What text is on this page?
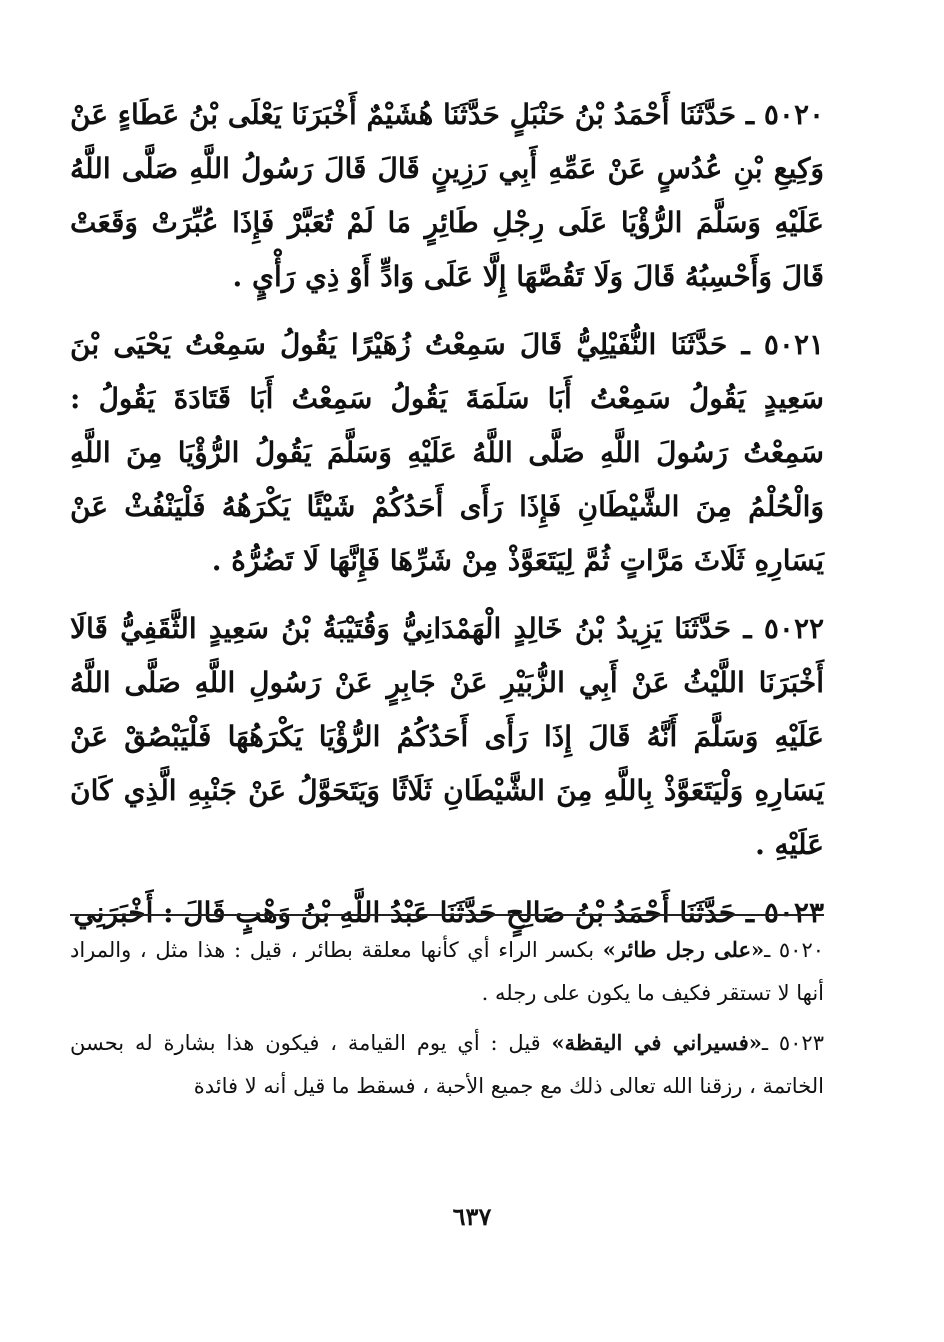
٥٠٢٠ ـ حَدَّثَنَا أَحْمَدُ بْنُ حَنْبَلٍ حَدَّثَنَا هُشَيْمٌ أَخْبَرَنَا يَعْلَى بْنُ عَطَاءٍ عَنْ وَكِيعِ بْنِ عُدُسٍ عَنْ عَمِّهِ أَبِي رَزِينٍ قَالَ قَالَ رَسُولُ اللَّهِ صَلَّى اللَّهُ عَلَيْهِ وَسَلَّمَ الرُّؤْيَا عَلَى رِجْلِ طَائِرٍ مَا لَمْ تُعَبَّرْ فَإِذَا عُبِّرَتْ وَقَعَتْ قَالَ وَأَحْسِبُهُ قَالَ وَلَا تَقُصَّهَا إِلَّا عَلَى وَادٍّ أَوْ ذِي رَأْيٍ .

٥٠٢١ ـ حَدَّثَنَا النُّفَيْلِيُّ قَالَ سَمِعْتُ زُهَيْرًا يَقُولُ سَمِعْتُ يَحْيَى بْنَ سَعِيدٍ يَقُولُ سَمِعْتُ أَبَا سَلَمَةَ يَقُولُ سَمِعْتُ أَبَا قَتَادَةَ يَقُولُ : سَمِعْتُ رَسُولَ اللَّهِ صَلَّى اللَّهُ عَلَيْهِ وَسَلَّمَ يَقُولُ الرُّؤْيَا مِنَ اللَّهِ وَالْحُلْمُ مِنَ الشَّيْطَانِ فَإِذَا رَأَى أَحَدُكُمْ شَيْئًا يَكْرَهُهُ فَلْيَنْفُثْ عَنْ يَسَارِهِ ثَلَاثَ مَرَّاتٍ ثُمَّ لِيَتَعَوَّذْ مِنْ شَرِّهَا فَإِنَّهَا لَا تَضُرُّهُ .

٥٠٢٢ ـ حَدَّثَنَا يَزِيدُ بْنُ خَالِدٍ الْهَمْدَانِيُّ وَقُتَيْبَةُ بْنُ سَعِيدٍ الثَّقَفِيُّ قَالَا أَخْبَرَنَا اللَّيْثُ عَنْ أَبِي الزُّبَيْرِ عَنْ جَابِرٍ عَنْ رَسُولِ اللَّهِ صَلَّى اللَّهُ عَلَيْهِ وَسَلَّمَ أَنَّهُ قَالَ إِذَا رَأَى أَحَدُكُمُ الرُّؤْيَا يَكْرَهُهَا فَلْيَبْصُقْ عَنْ يَسَارِهِ وَلْيَتَعَوَّذْ بِاللَّهِ مِنَ الشَّيْطَانِ ثَلَاثًا وَيَتَحَوَّلُ عَنْ جَنْبِهِ الَّذِي كَانَ عَلَيْهِ .

٥٠٢٣ ـ حَدَّثَنَا أَحْمَدُ بْنُ صَالِحٍ حَدَّثَنَا عَبْدُ اللَّهِ بْنُ وَهْبٍ قَالَ : أَخْبَرَنِي

٥٠٢٠ ـ«على رجل طائر» بكسر الراء أي كأنها معلقة بطائر ، قيل : هذا مثل ، والمراد أنها لا تستقر فكيف ما يكون على رجله .

٥٠٢٣ ـ«فسيراني في اليقظة» قيل : أي يوم القيامة ، فيكون هذا بشارة له بحسن الخاتمة ، رزقنا الله تعالى ذلك مع جميع الأحبة ، فسقط ما قيل أنه لا فائدة

٦٣٧
